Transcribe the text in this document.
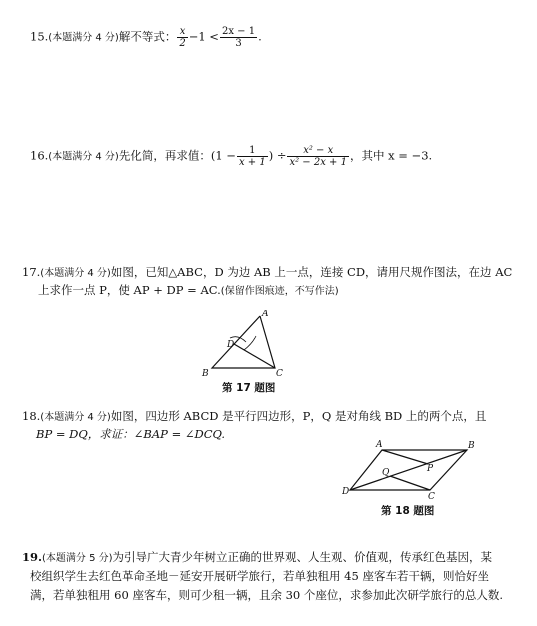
15.(本题满分 4 分)解不等式： $\frac{x}{2} -1 < \frac{2x - 1}{3}$ .
16.(本题满分 4 分)先化简，再求值：($1 - \frac{1}{x + 1}$ ) ÷ $\frac{\text{x² − x}}{\text{x² − 2x + 1}}$ ，其中 x = −3.
17.(本题满分 4 分)如图，已知△ABC，D 为边 AB 上一点，连接 CD，请用尺规作图法，在边 AC
上求作一点 P，使 AP + DP = AC.(保留作图痕迹，不写作法)
A
B	C
D
第 17 题图
18.(本题满分 4 分)如图，四边形 ABCD 是平行四边形，P，Q 是对角线 BD 上的两个点，且
BP = DQ，求证：∠BAP = ∠DCQ.
A	B
C
D
P
Q
第 18 题图
19.(本题满分 5 分)为引导广大青少年树立正确的世界观、人生观、价值观，传承红色基因，某
校组织学生去红色革命圣地－延安开展研学旅行，若单独租用 45 座客车若干辆，则恰好坐
满，若单独租用 60 座客车，则可少租一辆，且余 30 个座位，求参加此次研学旅行的总人数.
